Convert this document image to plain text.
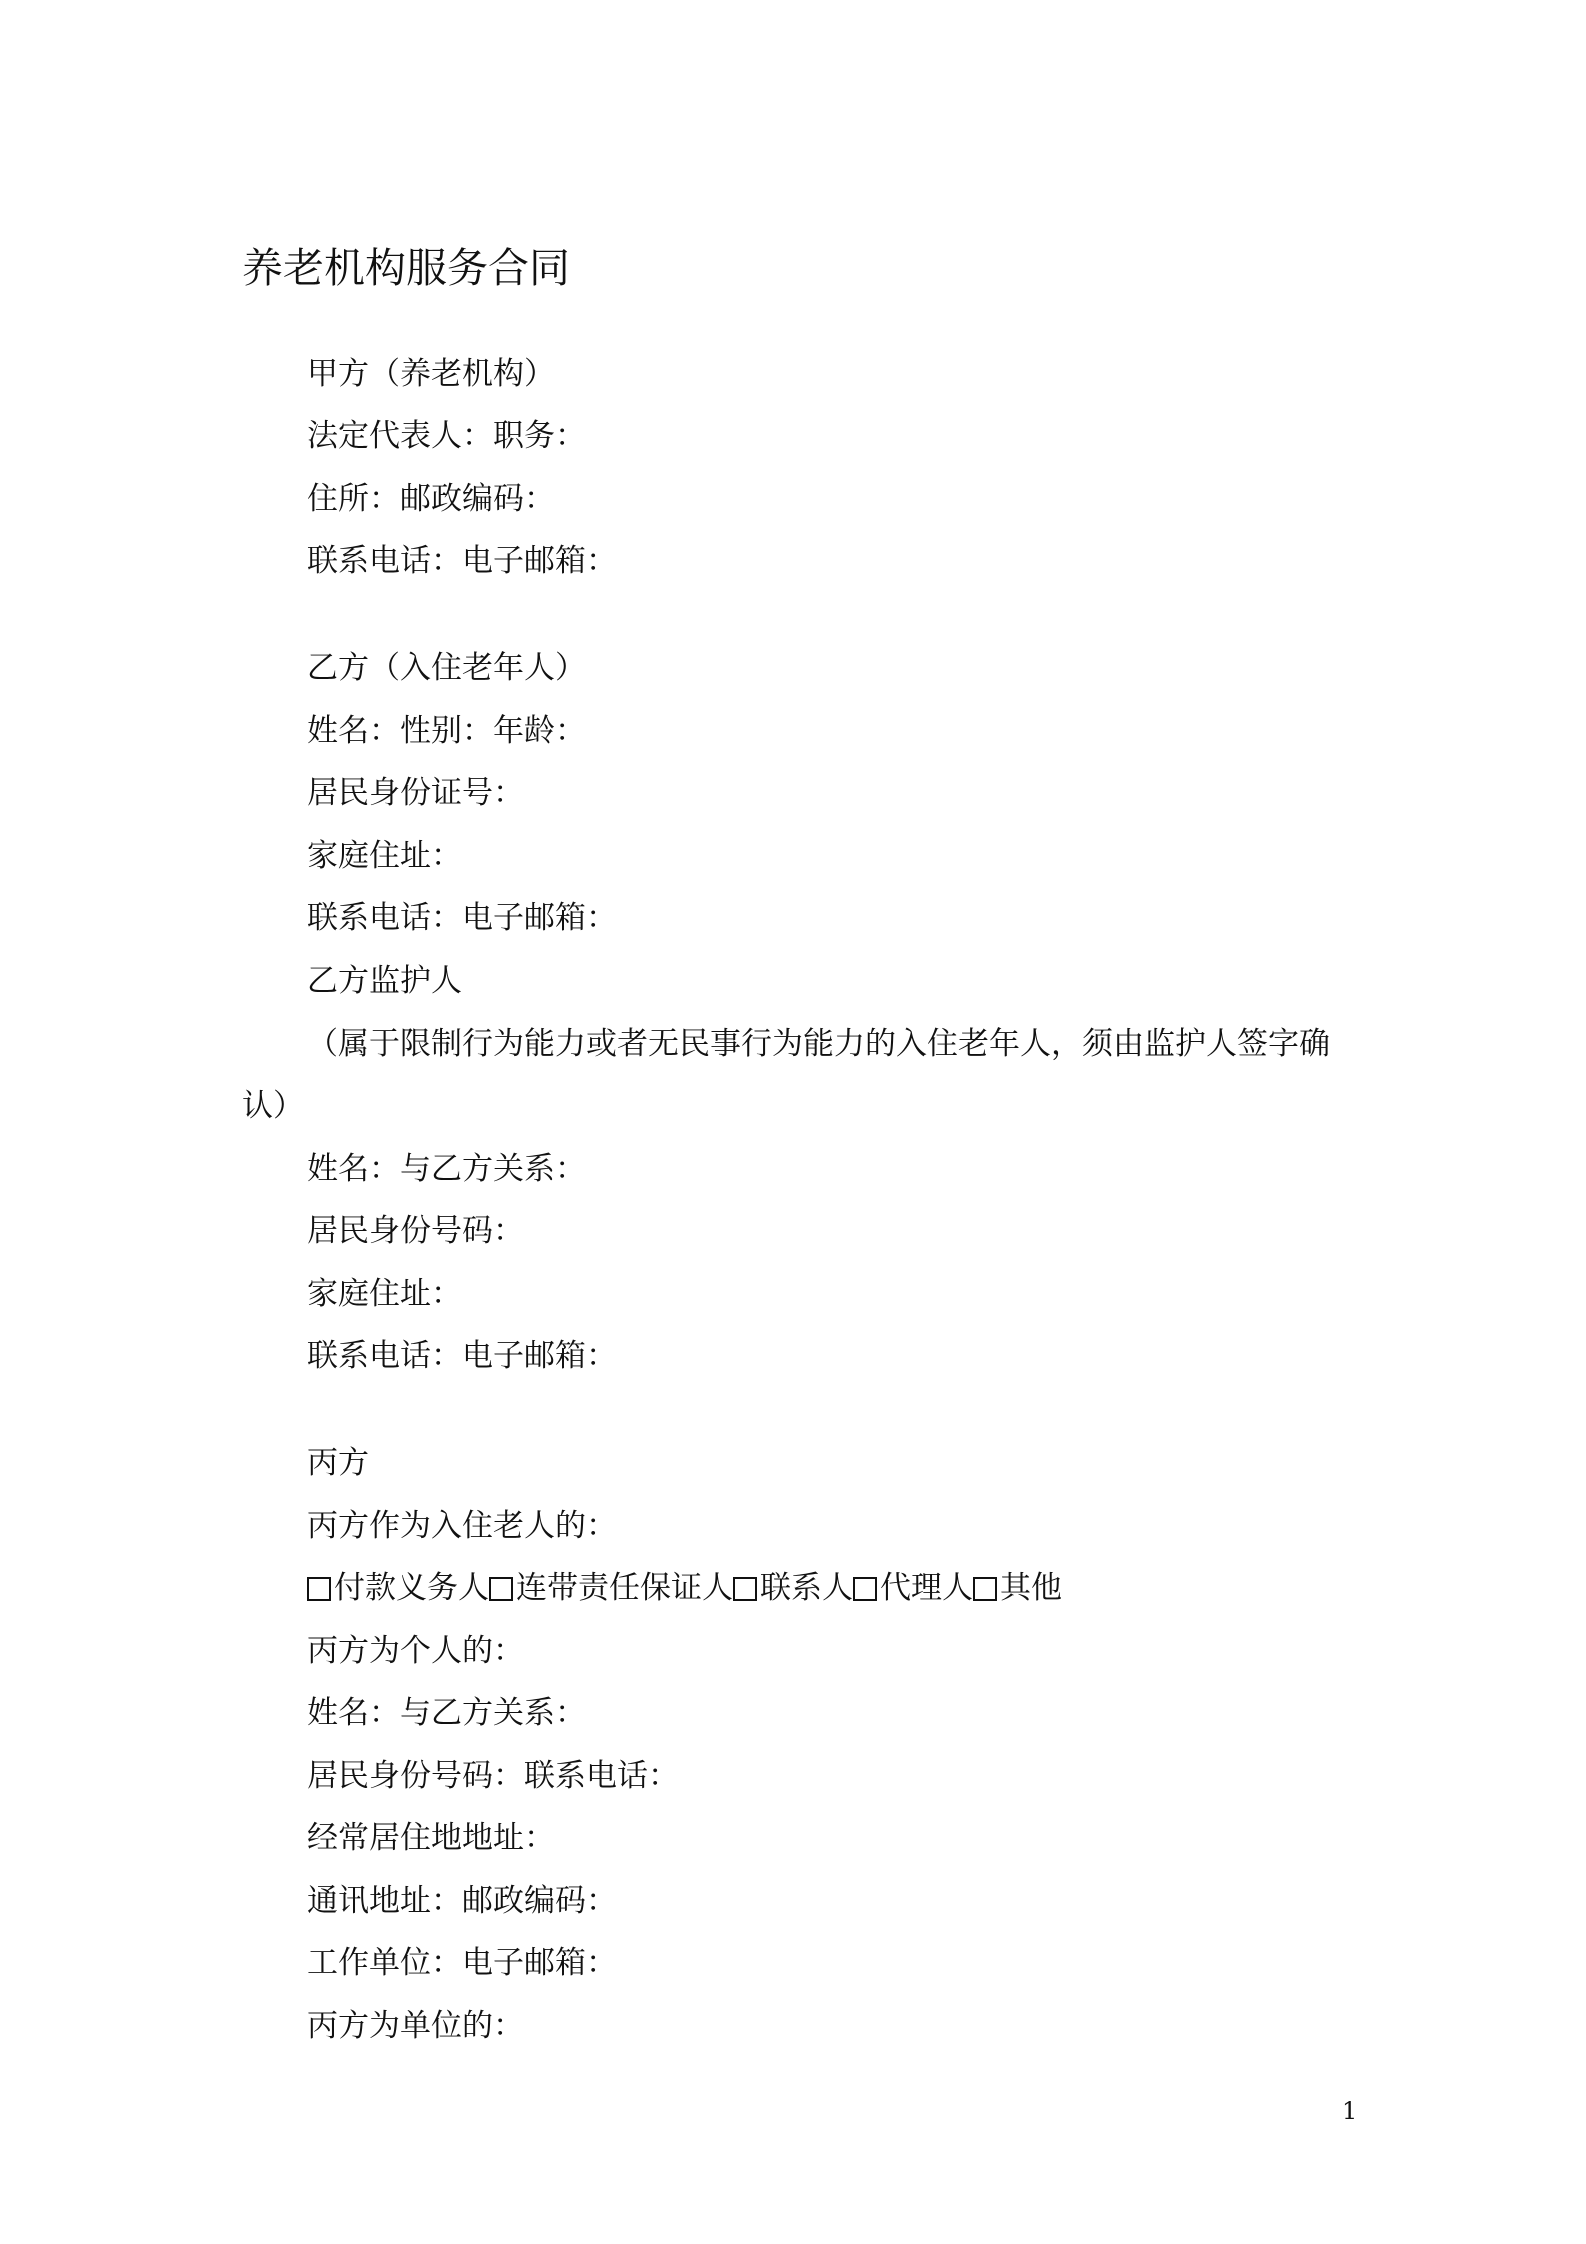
养老机构服务合同
甲方（养老机构）
法定代表人：职务：
住所：邮政编码：
联系电话：电子邮箱：
乙方（入住老年人）
姓名：性别：年龄：
居民身份证号：
家庭住址：
联系电话：电子邮箱：
乙方监护人
（属于限制行为能力或者无民事行为能力的入住老年人，须由监护人签字确
认）
姓名：与乙方关系：
居民身份号码：
家庭住址：
联系电话：电子邮箱：
丙方
丙方作为入住老人的：
付款义务人 连带责任保证人 联系人 代理人 其他
丙方为个人的：
姓名：与乙方关系：
居民身份号码：联系电话：
经常居住地地址：
通讯地址：邮政编码：
工作单位：电子邮箱：
丙方为单位的：
1
